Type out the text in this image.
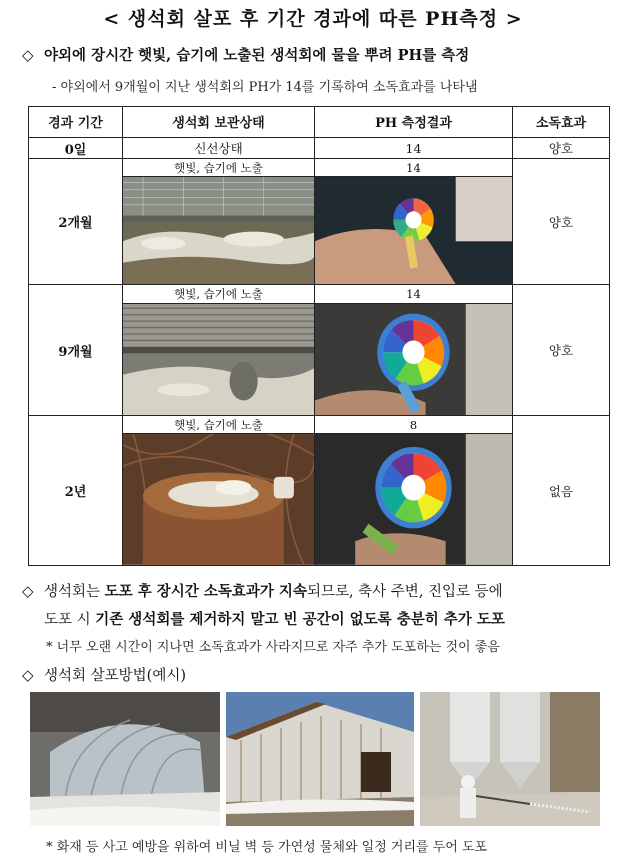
< 생석회 살포 후 기간 경과에 따른 PH측정 >
◇ 야외에 장시간 햇빛, 습기에 노출된 생석회에 물을 뿌려 PH를 측정
- 야외에서 9개월이 지난 생석회의 PH가 14를 기록하여 소독효과를 나타냄
경과 기간	생석회 보관상태	PH 측정결과	소독효과
0일	신선상태	14	양호
2개월	햇빛, 습기에 노출	14	양호

9개월	햇빛, 습기에 노출	14	양호

2년	햇빛, 습기에 노출	8	없음

◇ 생석회는 도포 후 장시간 소독효과가 지속되므로, 축사 주변, 진입로 등에
도포 시 기존 생석회를 제거하지 말고 빈 공간이 없도록 충분히 추가 도포
* 너무 오랜 시간이 지나면 소독효과가 사라지므로 자주 추가 도포하는 것이 좋음
◇ 생석회 살포방법(예시)
* 화재 등 사고 예방을 위하여 비닐 벽 등 가연성 물체와 일정 거리를 두어 도포
